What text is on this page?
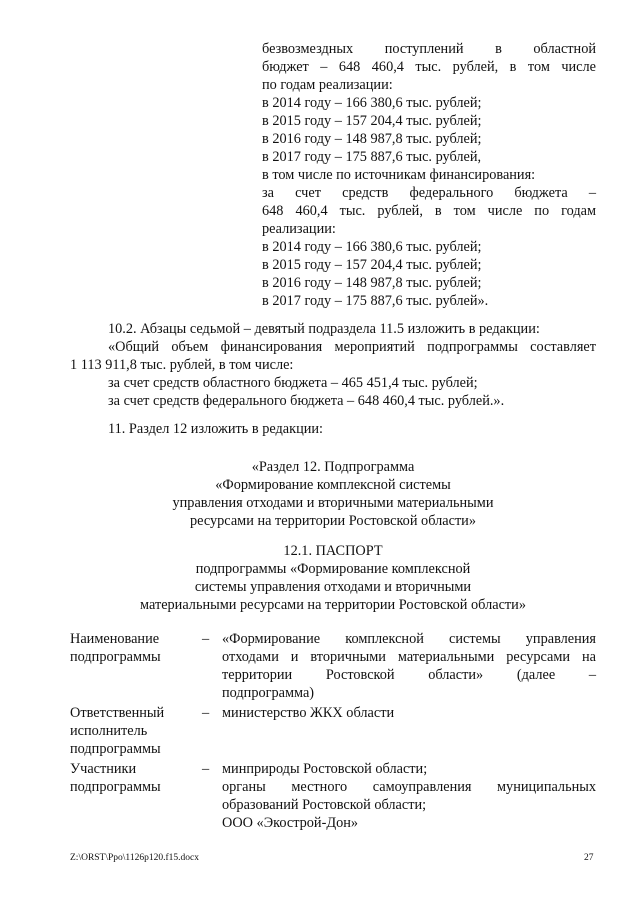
безвозмездных поступлений в областной
бюджет – 648 460,4 тыс. рублей, в том числе
по годам реализации:
в 2014 году – 166 380,6 тыс. рублей;
в 2015 году – 157 204,4 тыс. рублей;
в 2016 году – 148 987,8 тыс. рублей;
в 2017 году – 175 887,6 тыс. рублей,
в том числе по источникам финансирования:
за счет средств федерального бюджета –
648 460,4 тыс. рублей, в том числе по годам
реализации:
в 2014 году – 166 380,6 тыс. рублей;
в 2015 году – 157 204,4 тыс. рублей;
в 2016 году – 148 987,8 тыс. рублей;
в 2017 году – 175 887,6 тыс. рублей».
10.2. Абзацы седьмой – девятый подраздела 11.5 изложить в редакции:
«Общий объем финансирования мероприятий подпрограммы составляет
1 113 911,8 тыс. рублей, в том числе:
за счет средств областного бюджета – 465 451,4 тыс. рублей;
за счет средств федерального бюджета – 648 460,4 тыс. рублей.».
11. Раздел 12 изложить в редакции:
«Раздел 12. Подпрограмма
«Формирование комплексной системы
управления отходами и вторичными материальными
ресурсами на территории Ростовской области»
12.1. ПАСПОРТ
подпрограммы «Формирование комплексной
системы управления отходами и вторичными
материальными ресурсами на территории Ростовской области»
Наименование
подпрограммы
– «Формирование комплексной системы управления
отходами и вторичными материальными ресурсами на
территории Ростовской области» (далее –
подпрограмма)
Ответственный
исполнитель
подпрограммы
– министерство ЖКХ области
Участники
подпрограммы
– минприроды Ростовской области;
органы местного самоуправления муниципальных
образований Ростовской области;
ООО «Экострой-Дон»
Z:\ORST\Ppo\1126p120.f15.docx	27
